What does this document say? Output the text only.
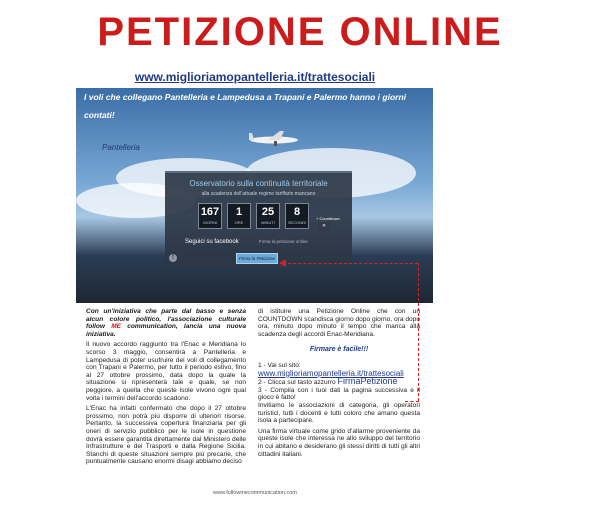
PETIZIONE ONLINE
www.miglioriamopantelleria.it/trattesociali
I voli che collegano Pantelleria e Lampedusa a Trapani e Palermo hanno i giorni contati!
Pantelleria
Osservatorio sulla continuità territoriale
alla scadenza dell'attuale regime tariffario mancano
167
GIORNI
1
ORE
25
MINUTI
8
SECONDI
Seguici su facebook	Firma la petizione online
f	Firma la Petizione
+ Countdown
»

Con un'iniziativa che parte dal basso e senza alcun colore politico, l'associazione culturale follow ME communication, lancia una nuova iniziativa.

Il nuovo accordo raggiunto tra l'Enac e Meridiana lo scorso 3 maggio, consentirà a Pantelleria e Lampedusa di poter usufruire dei voli di collegamento con Trapani e Palermo, per tutto il periodo estivo, fino al 27 ottobre prossimo, data dopo la quale la situazione si ripresenterà tale e quale, se non peggiore, a quella che queste isole vivono ogni qual volta i termini dell'accordo scadono.

L'Enac ha infatti confermato che dopo il 27 ottobre prossimo, non potrà più disporre di ulteriori risorse. Pertanto, la successiva copertura finanziaria per gli oneri di servizio pubblico per le isole in questione dovrà essere garantita direttamente dal Ministero delle Infrastrutture e dei Trasporti e dalla Regione Sicilia. Stanchi di queste situazioni sempre più precarie, che puntualmente causano enormi disagi abbiamo deciso

di istituire una Petizione Online che con un COUNTDOWN scandisca giorno dopo giorno, ora dopo ora, minuto dopo minuto il tempo che manca alla scadenza degli accordi Enac-Meridiana.

Firmare è facile!!!

1 - Vai sul sito:
www.miglioriamopantelleria.it/trattesociali

2 - Clicca sul tasto azzurro FirmaPetizione

3 - Compila con i tuoi dati la pagina successiva e il gioco è fatto!

Invitiamo le associazioni di categoria, gli operatori turistici, tutti i docenti e tutti coloro che amano questa isola a partecipare.

Una firma virtuale come grido d'allarme proveniente da queste isole che interessa ne allo sviluppo del territorio in cui abitano e desiderano gli stessi diritti di tutti gli altri cittadini italiani.

www.followmecommunication.com
